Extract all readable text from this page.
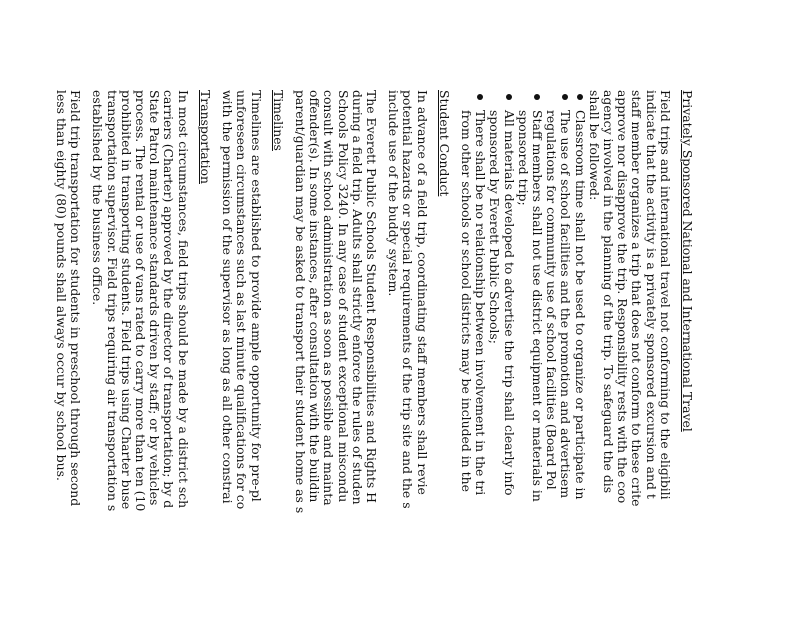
Privately Sponsored National and International Travel

Field trips and international travel not conforming to the eligibili
indicate that the activity is a privately sponsored excursion and t
staff member organizes a trip that does not conform to these crite
approve nor disapprove the trip. Responsibility rests with the coo
agency involved in the planning of the trip. To safeguard the dis
shall be followed:

Classroom time shall not be used to organize or participate in
The use of school facilities and the promotion and advertisem
regulations for community use of school facilities (Board Pol
Staff members shall not use district equipment or materials in
sponsored trip;
All materials developed to advertise the trip shall clearly info
sponsored by Everett Public Schools;
There shall be no relationship between involvement in the tri
from other schools or school districts may be included in the
Student Conduct

In advance of a field trip, coordinating staff members shall revie
potential hazards or special requirements of the trip site and the s
include use of the buddy system.

The Everett Public Schools Student Responsibilities and Rights H
during a field trip. Adults shall strictly enforce the rules of studen
Schools Policy 3240. In any case of student exceptional miscondu
consult with school administration as soon as possible and mainta
offender(s). In some instances, after consultation with the buildin
parent/guardian may be asked to transport their student home as s

Timelines

Timelines are established to provide ample opportunity for pre-pl
unforeseen circumstances such as last minute qualifications for co
with the permission of the supervisor as long as all other constrai

Transportation

In most circumstances, field trips should be made by a district sch
carriers (Charter) approved by the director of transportation; by d
State Patrol maintenance standards driven by staff; or by vehicles
process. The rental or use of vans rated to carry more than ten (10
prohibited in transporting students. Field trips using Charter buse
transportation supervisor. Field trips requiring air transportation s
established by the business office.

Field trip transportation for students in preschool through second
less than eighty (80) pounds shall always occur by school bus.
